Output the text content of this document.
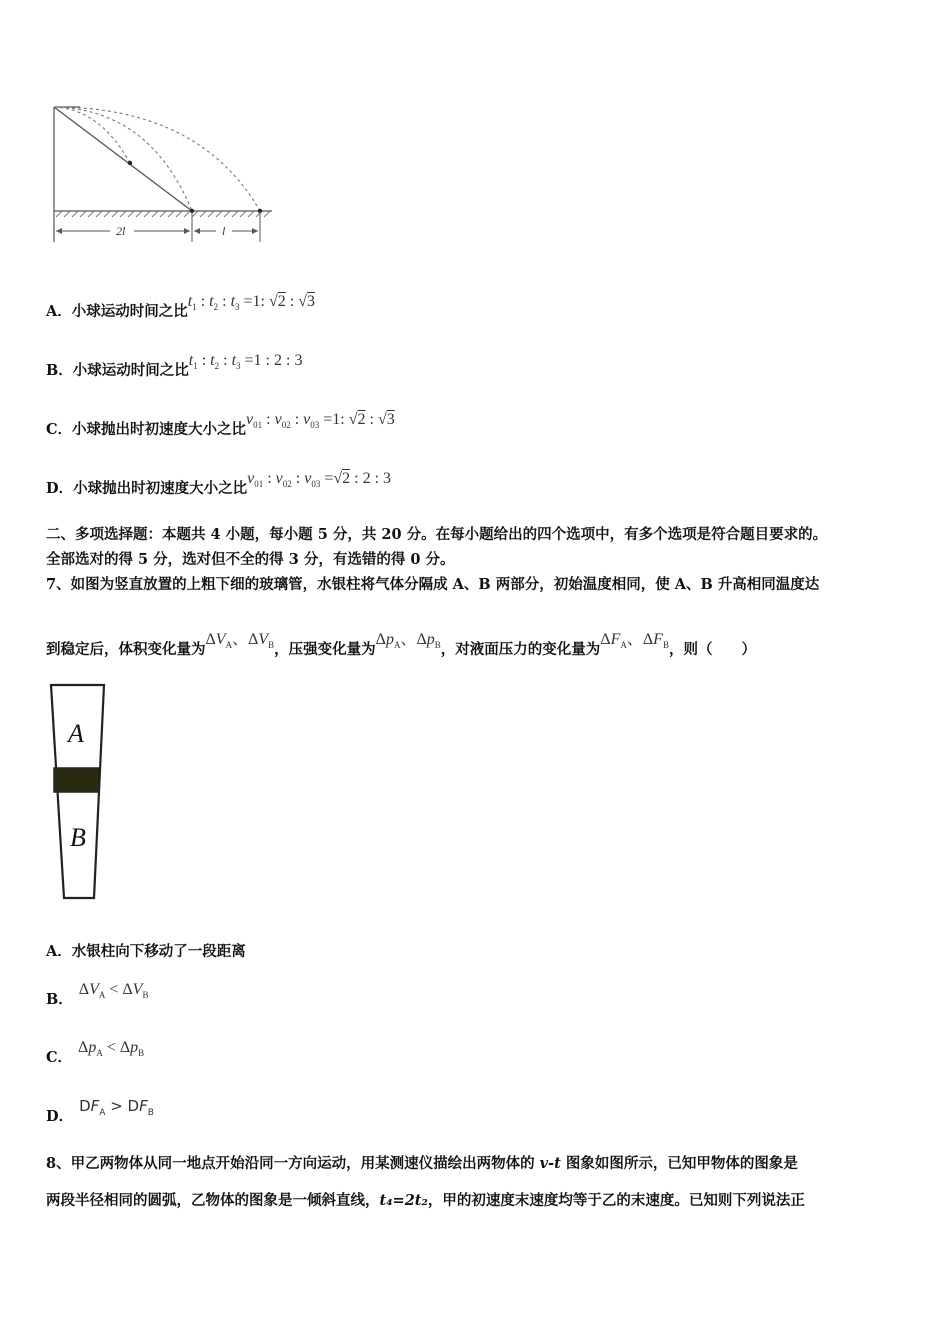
2l	l
A．小球运动时间之比$t_1$ : $t_2$ : $t_3 =1$: √2 : √3
B．小球运动时间之比$t_1$ : $t_2$ : $t_3 =1$ : 2 : 3
C．小球抛出时初速度大小之比$v_{01}$ : $v_{02}$ : $v_{03} =1$: √2 : √3
D．小球抛出时初速度大小之比$v_{01}$ : $v_{02}$ : $v_{03} =√2$ : 2 : 3
二、多项选择题：本题共 4 小题，每小题 5 分，共 20 分。在每小题给出的四个选项中，有多个选项是符合题目要求的。
全部选对的得 5 分，选对但不全的得 3 分，有选错的得 0 分。
7、如图为竖直放置的上粗下细的玻璃管，水银柱将气体分隔成 A、B 两部分，初始温度相同，使 A、B 升高相同温度达
到稳定后，体积变化量为$\Delta V_A$、$\Delta V_B$，压强变化量为$\Delta p_A$、$\Delta p_B$，对液面压力的变化量为$\Delta F_A$、$\Delta F_B$，则（　　）
A
B
A．水银柱向下移动了一段距离
B．$\Delta V_A < \Delta V_B$
C．$\Delta p_A < \Delta p_B$
D．$DF_A > DF_B$
8、甲乙两物体从同一地点开始沿同一方向运动，用某测速仪描绘出两物体的 v-t 图象如图所示，已知甲物体的图象是
两段半径相同的圆弧，乙物体的图象是一倾斜直线，t₄=2t₂，甲的初速度末速度均等于乙的末速度。已知则下列说法正
